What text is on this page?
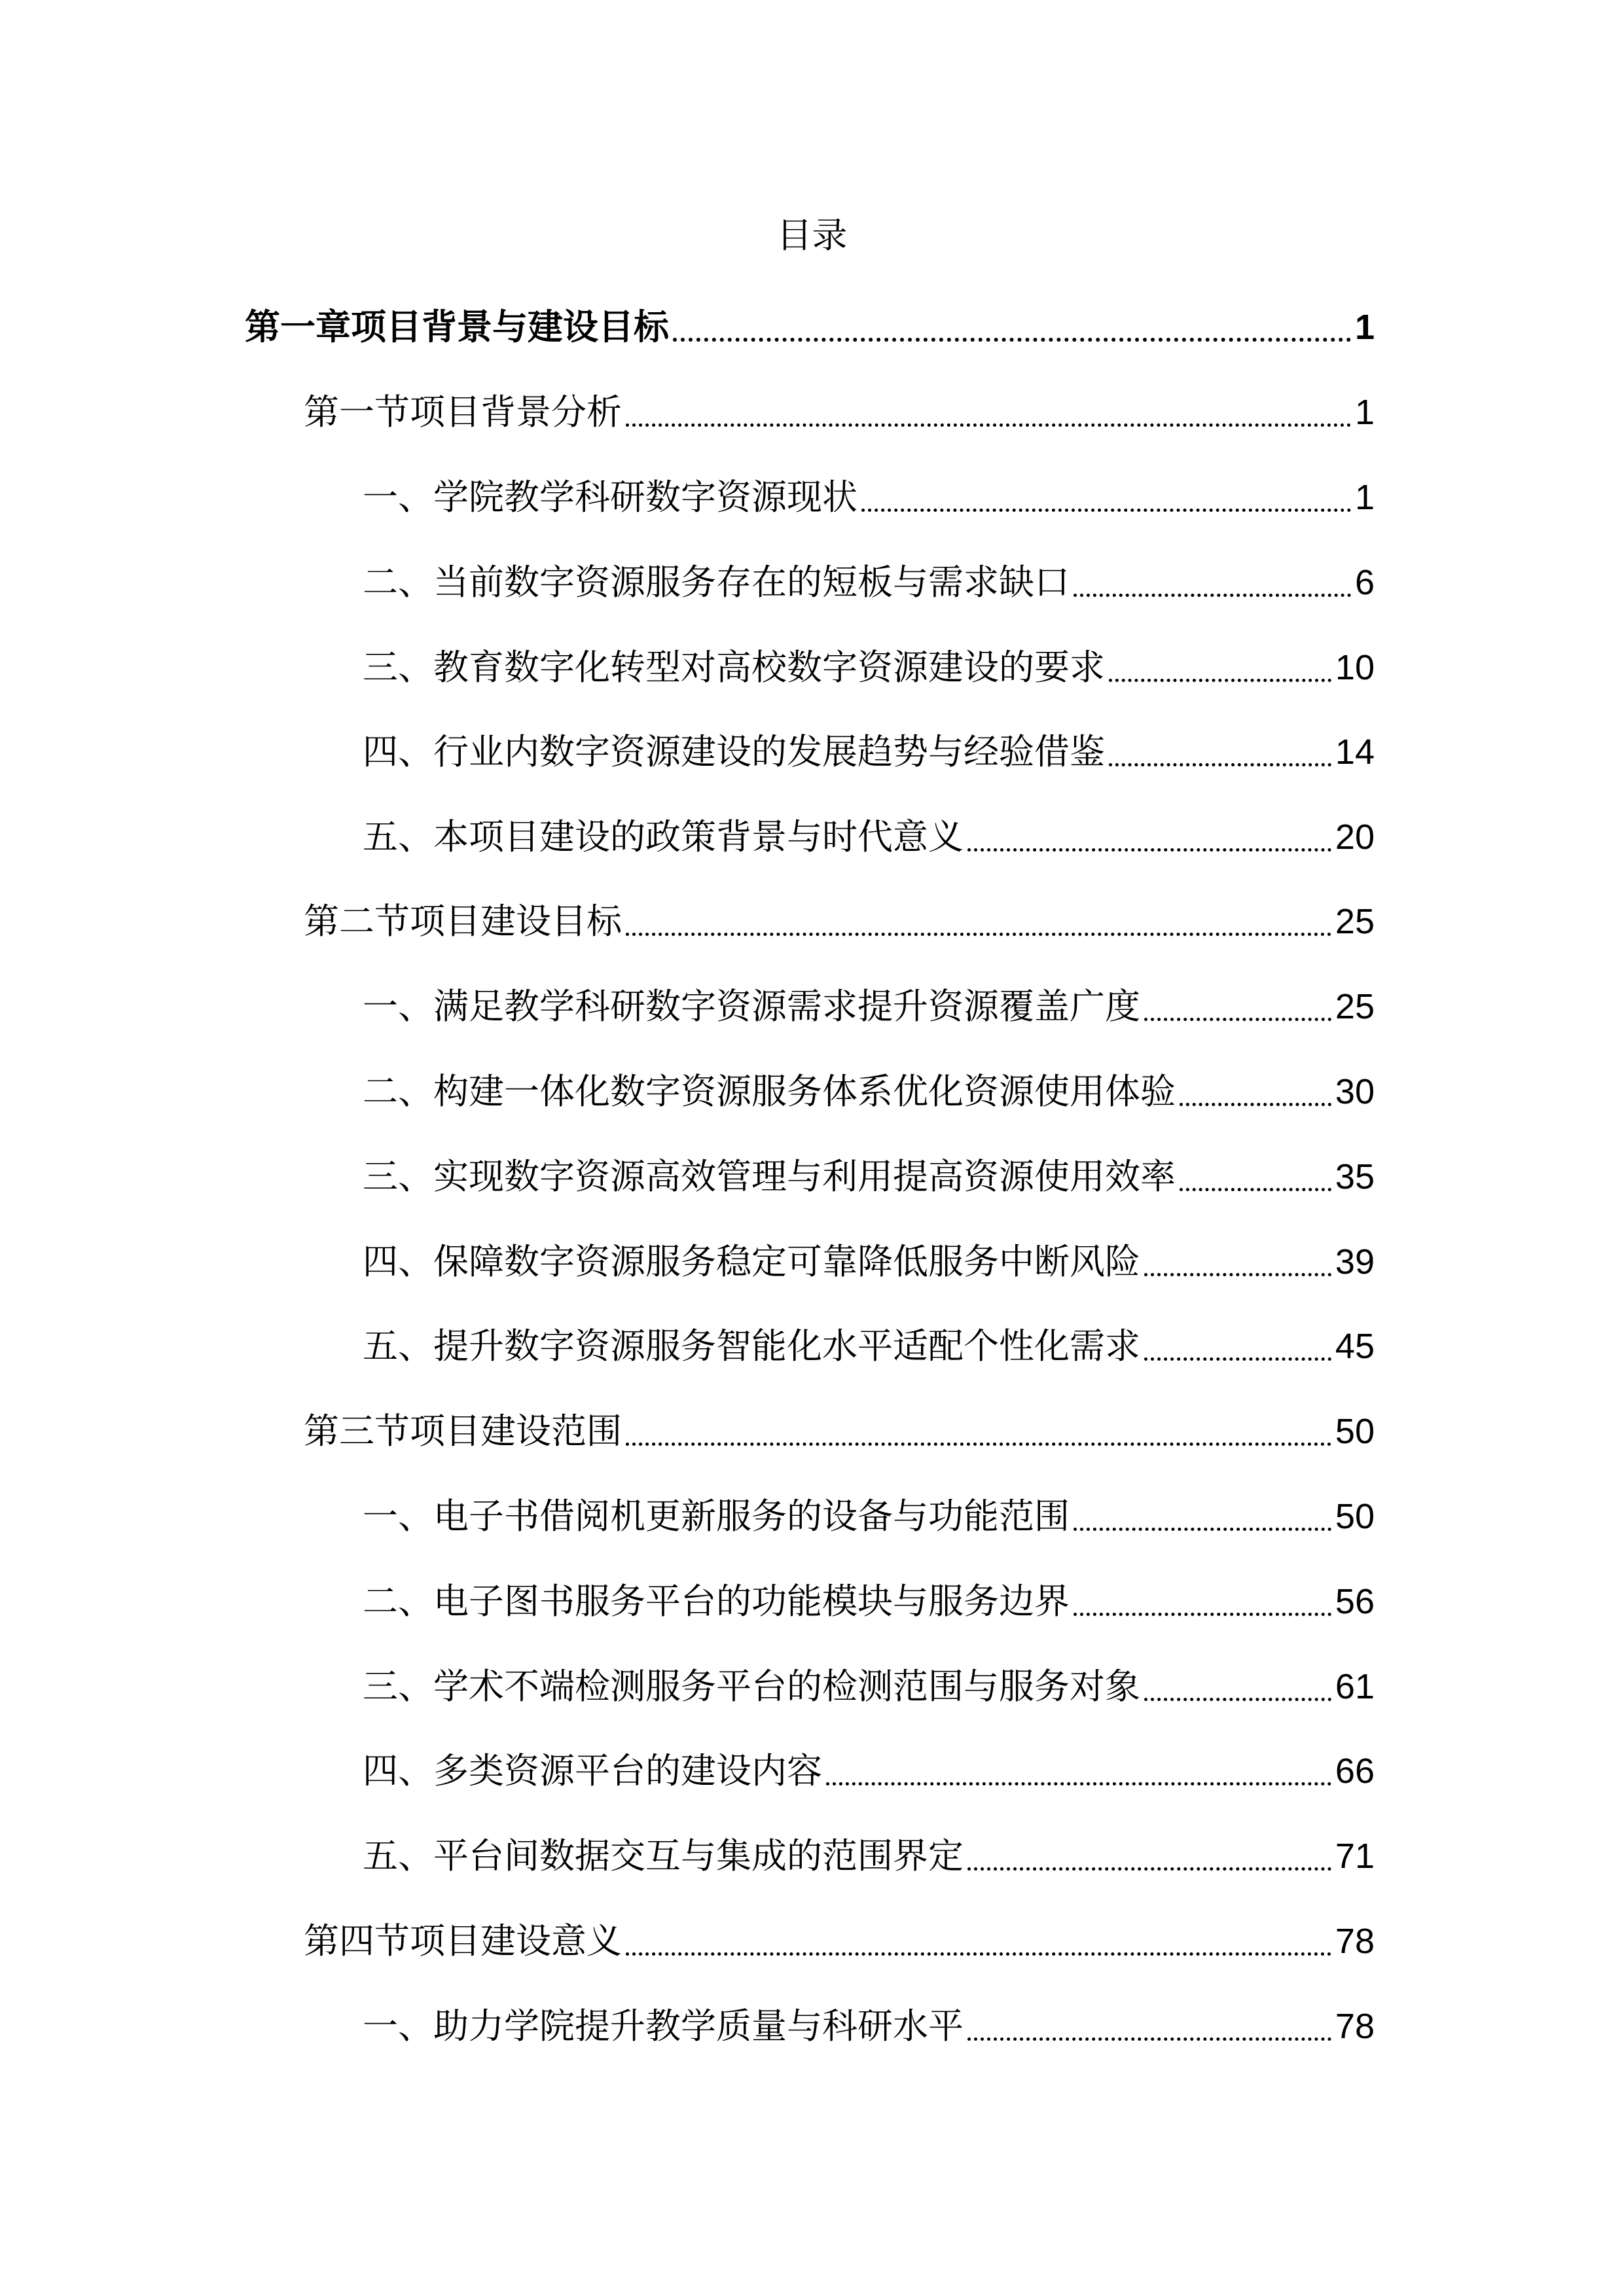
目录
第一章项目背景与建设目标	1
第一节项目背景分析	1
一、学院教学科研数字资源现状	1
二、当前数字资源服务存在的短板与需求缺口	6
三、教育数字化转型对高校数字资源建设的要求	10
四、行业内数字资源建设的发展趋势与经验借鉴	14
五、本项目建设的政策背景与时代意义	20
第二节项目建设目标	25
一、满足教学科研数字资源需求提升资源覆盖广度	25
二、构建一体化数字资源服务体系优化资源使用体验	30
三、实现数字资源高效管理与利用提高资源使用效率	35
四、保障数字资源服务稳定可靠降低服务中断风险	39
五、提升数字资源服务智能化水平适配个性化需求	45
第三节项目建设范围	50
一、电子书借阅机更新服务的设备与功能范围	50
二、电子图书服务平台的功能模块与服务边界	56
三、学术不端检测服务平台的检测范围与服务对象	61
四、多类资源平台的建设内容	66
五、平台间数据交互与集成的范围界定	71
第四节项目建设意义	78
一、助力学院提升教学质量与科研水平	78
